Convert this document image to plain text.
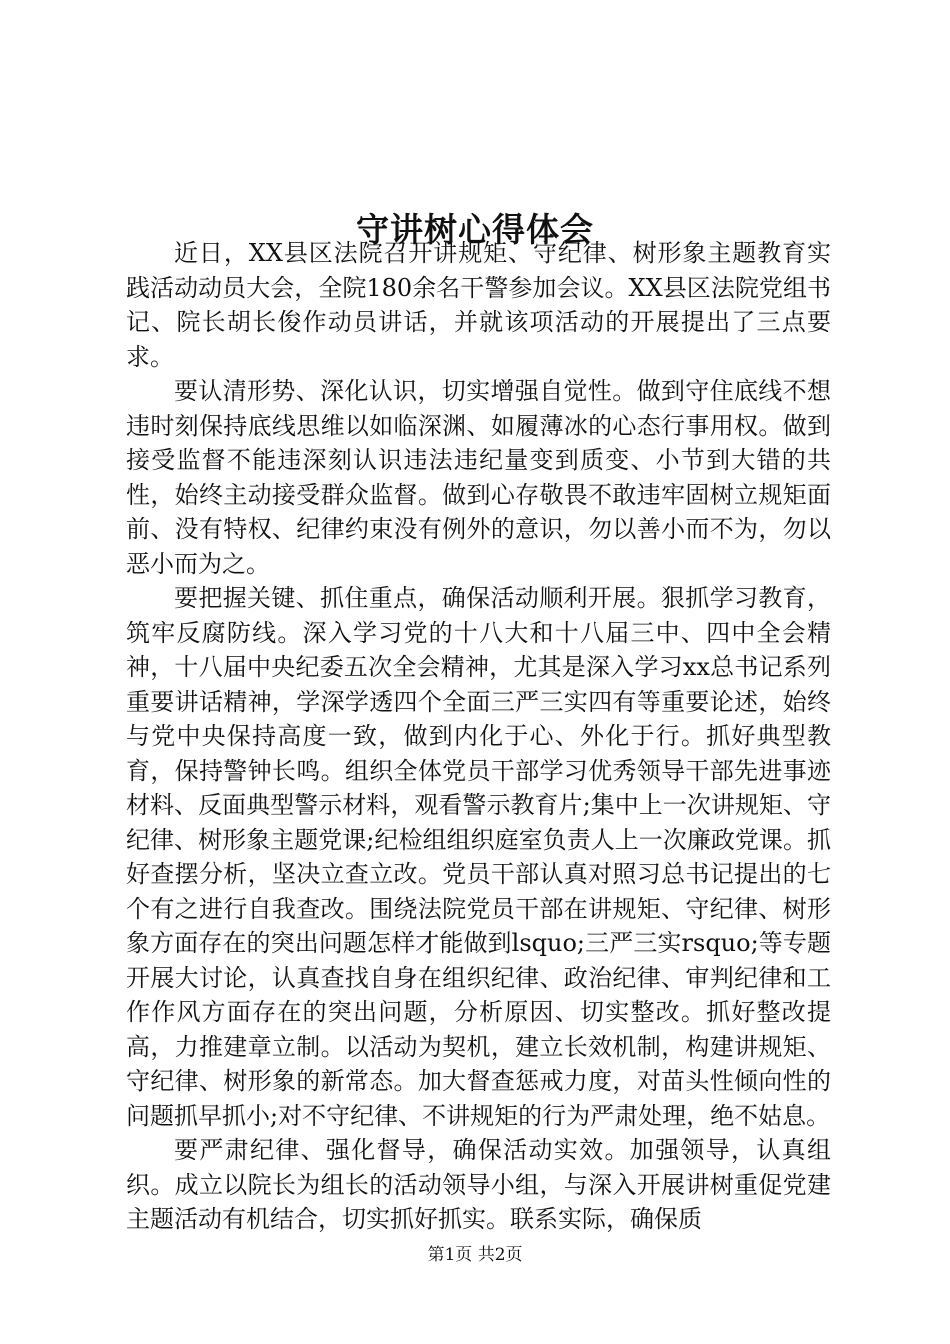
守讲树心得体会

近日，XX县区法院召开讲规矩、守纪律、树形象主题教育实践活动动员大会，全院180余名干警参加会议。XX县区法院党组书记、院长胡长俊作动员讲话，并就该项活动的开展提出了三点要求。

要认清形势、深化认识，切实增强自觉性。做到守住底线不想违时刻保持底线思维以如临深渊、如履薄冰的心态行事用权。做到接受监督不能违深刻认识违法违纪量变到质变、小节到大错的共性，始终主动接受群众监督。做到心存敬畏不敢违牢固树立规矩面前、没有特权、纪律约束没有例外的意识，勿以善小而不为，勿以恶小而为之。

要把握关键、抓住重点，确保活动顺利开展。狠抓学习教育，筑牢反腐防线。深入学习党的十八大和十八届三中、四中全会精神，十八届中央纪委五次全会精神，尤其是深入学习xx总书记系列重要讲话精神，学深学透四个全面三严三实四有等重要论述，始终与党中央保持高度一致，做到内化于心、外化于行。抓好典型教育，保持警钟长鸣。组织全体党员干部学习优秀领导干部先进事迹材料、反面典型警示材料，观看警示教育片;集中上一次讲规矩、守纪律、树形象主题党课;纪检组组织庭室负责人上一次廉政党课。抓好查摆分析，坚决立查立改。党员干部认真对照习总书记提出的七个有之进行自我查改。围绕法院党员干部在讲规矩、守纪律、树形象方面存在的突出问题怎样才能做到lsquo;三严三实rsquo;等专题开展大讨论，认真查找自身在组织纪律、政治纪律、审判纪律和工作作风方面存在的突出问题，分析原因、切实整改。抓好整改提高，力推建章立制。以活动为契机，建立长效机制，构建讲规矩、守纪律、树形象的新常态。加大督查惩戒力度，对苗头性倾向性的问题抓早抓小;对不守纪律、不讲规矩的行为严肃处理，绝不姑息。

要严肃纪律、强化督导，确保活动实效。加强领导，认真组织。成立以院长为组长的活动领导小组，与深入开展讲树重促党建主题活动有机结合，切实抓好抓实。联系实际，确保质

第1页 共2页
